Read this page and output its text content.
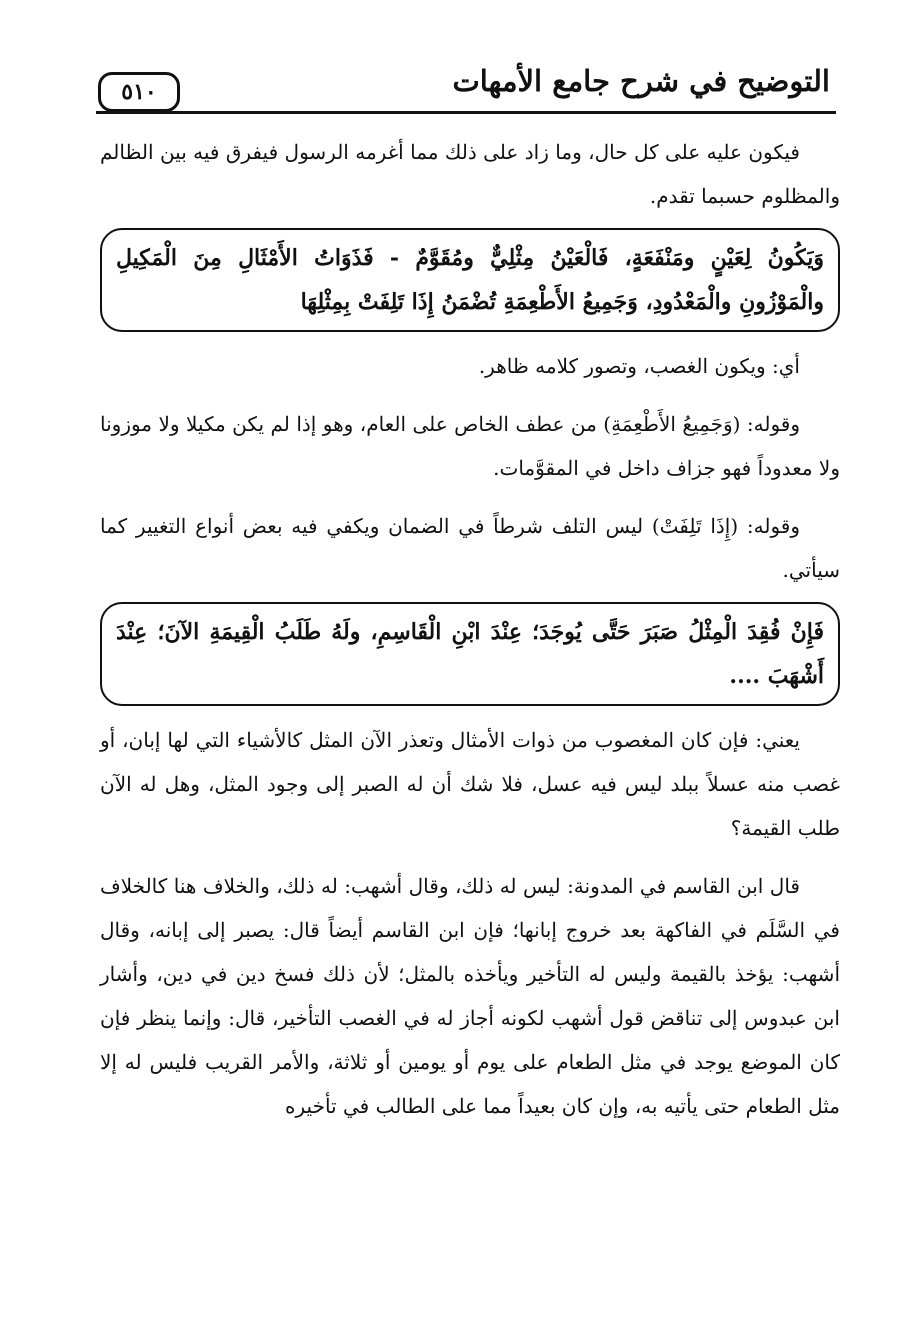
التوضيح في شرح جامع الأمهات
٥١٠

فيكون عليه على كل حال، وما زاد على ذلك مما أغرمه الرسول فيفرق فيه بين الظالم والمظلوم حسبما تقدم.

وَيَكُونُ لِعَيْنٍ ومَنْفَعَةٍ، فَالْعَيْنُ مِثْلِيٌّ ومُقَوَّمٌ - فَذَوَاتُ الأَمْثَالِ مِنَ الْمَكِيلِ والْمَوْزُونِ والْمَعْدُودِ، وَجَمِيعُ الأَطْعِمَةِ تُضْمَنُ إِذَا تَلِفَتْ بِمِثْلِهَا

أي: ويكون الغصب، وتصور كلامه ظاهر.

وقوله: (وَجَمِيعُ الأَطْعِمَةِ) من عطف الخاص على العام، وهو إذا لم يكن مكيلا ولا موزونا ولا معدوداً فهو جزاف داخل في المقوَّمات.

وقوله: (إِذَا تَلِفَتْ) ليس التلف شرطاً في الضمان ويكفي فيه بعض أنواع التغيير كما سيأتي.

فَإِنْ فُقِدَ الْمِثْلُ صَبَرَ حَتَّى يُوجَدَ؛ عِنْدَ ابْنِ الْقَاسِمِ، ولَهُ طَلَبُ الْقِيمَةِ الآنَ؛ عِنْدَ أَشْهَبَ ....

يعني: فإن كان المغصوب من ذوات الأمثال وتعذر الآن المثل كالأشياء التي لها إبان، أو غصب منه عسلاً ببلد ليس فيه عسل، فلا شك أن له الصبر إلى وجود المثل، وهل له الآن طلب القيمة؟

قال ابن القاسم في المدونة: ليس له ذلك، وقال أشهب: له ذلك، والخلاف هنا كالخلاف في السَّلَم في الفاكهة بعد خروج إبانها؛ فإن ابن القاسم أيضاً قال: يصبر إلى إبانه، وقال أشهب: يؤخذ بالقيمة وليس له التأخير ويأخذه بالمثل؛ لأن ذلك فسخ دين في دين، وأشار ابن عبدوس إلى تناقض قول أشهب لكونه أجاز له في الغصب التأخير، قال: وإنما ينظر فإن كان الموضع يوجد في مثل الطعام على يوم أو يومين أو ثلاثة، والأمر القريب فليس له إلا مثل الطعام حتى يأتيه به، وإن كان بعيداً مما على الطالب في تأخيره
